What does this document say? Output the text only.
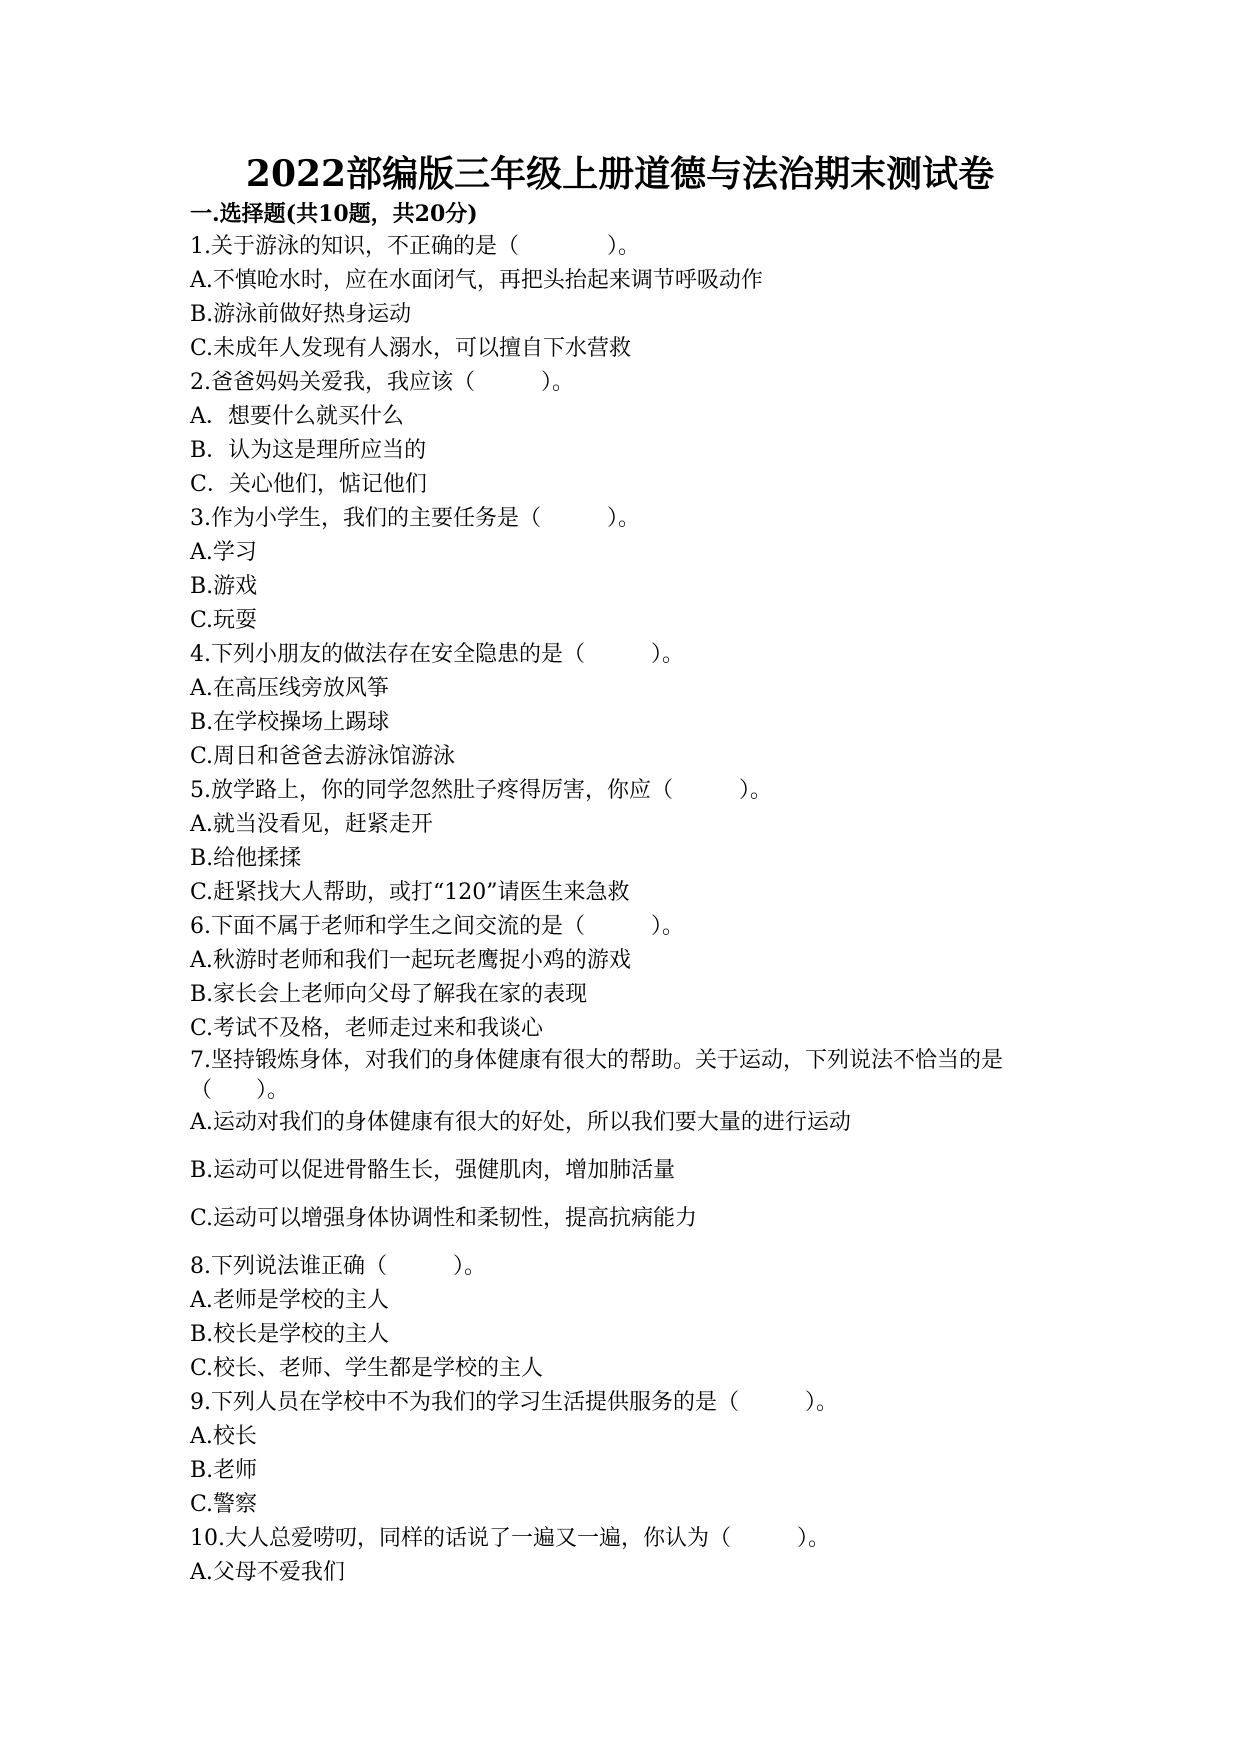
2022部编版三年级上册道德与法治期末测试卷
一.选择题(共10题，共20分)
1.关于游泳的知识，不正确的是（　　　　）。
A.不慎呛水时，应在水面闭气，再把头抬起来调节呼吸动作
B.游泳前做好热身运动
C.未成年人发现有人溺水，可以擅自下水营救
2.爸爸妈妈关爱我，我应该（　　　）。
A．想要什么就买什么
B．认为这是理所应当的
C．关心他们，惦记他们
3.作为小学生，我们的主要任务是（　　　）。
A.学习
B.游戏
C.玩耍
4.下列小朋友的做法存在安全隐患的是（　　　）。
A.在高压线旁放风筝
B.在学校操场上踢球
C.周日和爸爸去游泳馆游泳
5.放学路上，你的同学忽然肚子疼得厉害，你应（　　　）。
A.就当没看见，赶紧走开
B.给他揉揉
C.赶紧找大人帮助，或打“120”请医生来急救
6.下面不属于老师和学生之间交流的是（　　　）。
A.秋游时老师和我们一起玩老鹰捉小鸡的游戏
B.家长会上老师向父母了解我在家的表现
C.考试不及格，老师走过来和我谈心
7.坚持锻炼身体，对我们的身体健康有很大的帮助。关于运动，下列说法不恰当的是（　　）。
A.运动对我们的身体健康有很大的好处，所以我们要大量的进行运动
B.运动可以促进骨骼生长，强健肌肉，增加肺活量
C.运动可以增强身体协调性和柔韧性，提高抗病能力
8.下列说法谁正确（　　　）。
A.老师是学校的主人
B.校长是学校的主人
C.校长、老师、学生都是学校的主人
9.下列人员在学校中不为我们的学习生活提供服务的是（　　　）。
A.校长
B.老师
C.警察
10.大人总爱唠叨，同样的话说了一遍又一遍，你认为（　　　）。
A.父母不爱我们
